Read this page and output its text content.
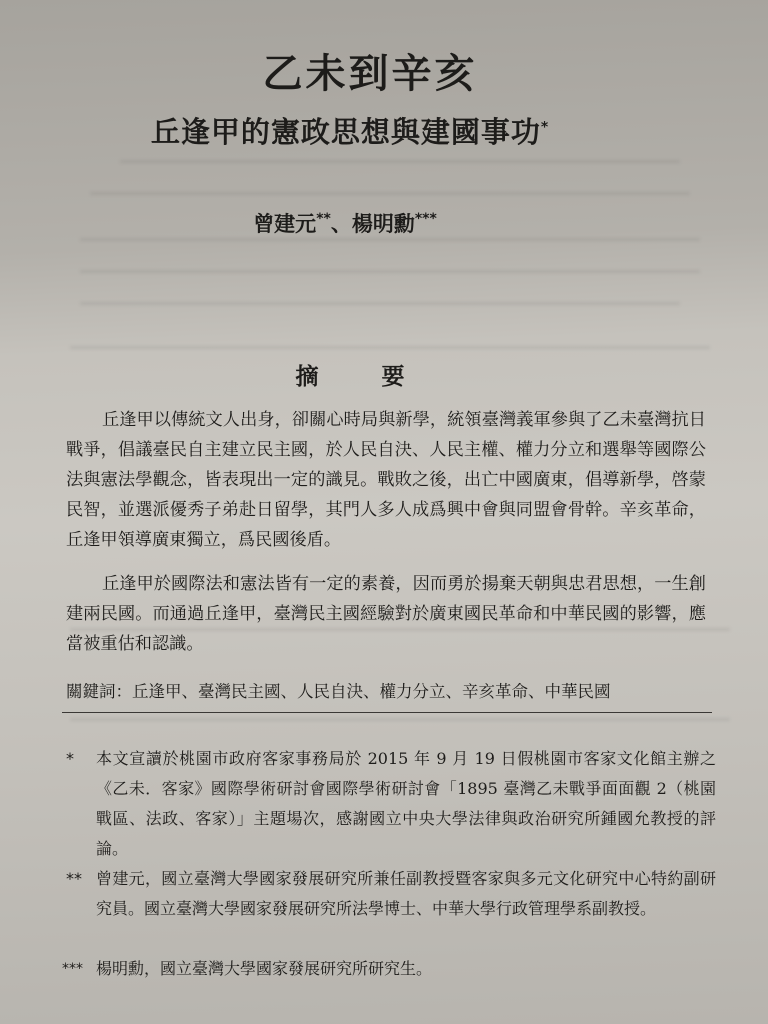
乙未到辛亥
丘逢甲的憲政思想與建國事功*
曾建元**、楊明勳***
摘　要

丘逢甲以傳統文人出身，卻關心時局與新學，統領臺灣義軍參與了乙未臺灣抗日戰爭，倡議臺民自主建立民主國，於人民自決、人民主權、權力分立和選舉等國際公法與憲法學觀念，皆表現出一定的識見。戰敗之後，出亡中國廣東，倡導新學，啓蒙民智，並選派優秀子弟赴日留學，其門人多人成爲興中會與同盟會骨幹。辛亥革命，丘逢甲領導廣東獨立，爲民國後盾。

丘逢甲於國際法和憲法皆有一定的素養，因而勇於揚棄天朝與忠君思想，一生創建兩民國。而通過丘逢甲，臺灣民主國經驗對於廣東國民革命和中華民國的影響，應當被重估和認識。

關鍵詞：丘逢甲、臺灣民主國、人民自決、權力分立、辛亥革命、中華民國
* 本文宣讀於桃園市政府客家事務局於 2015 年 9 月 19 日假桃園市客家文化館主辦之《乙未．客家》國際學術研討會國際學術研討會「1895 臺灣乙未戰爭面面觀 2（桃園戰區、法政、客家）」主題場次，感謝國立中央大學法律與政治研究所鍾國允教授的評論。

** 曾建元，國立臺灣大學國家發展研究所兼任副教授暨客家與多元文化研究中心特約副研究員。國立臺灣大學國家發展研究所法學博士、中華大學行政管理學系副教授。

*** 楊明勳，國立臺灣大學國家發展研究所研究生。
